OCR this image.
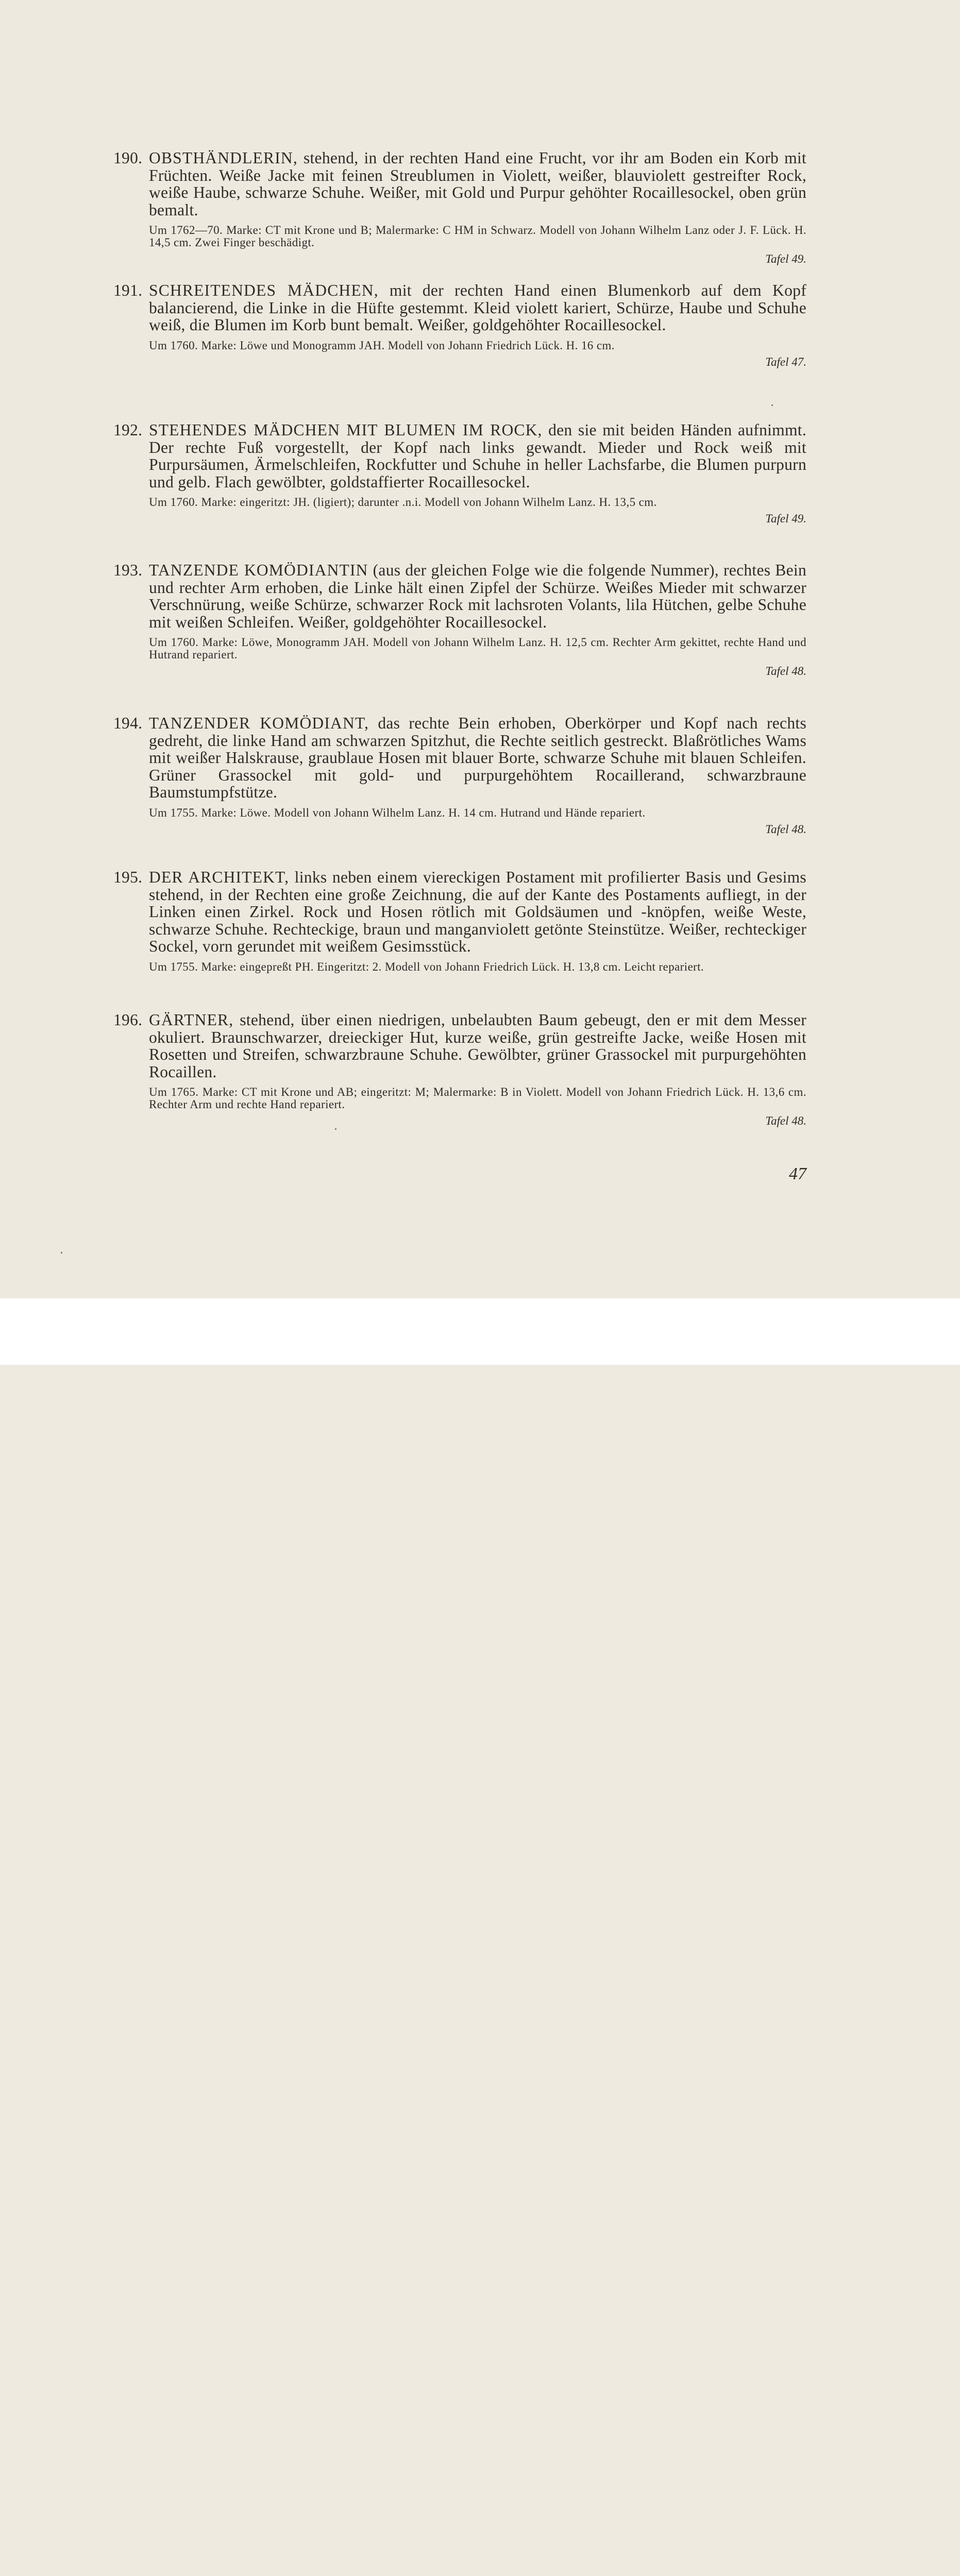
190. OBSTHÄNDLERIN, stehend, in der rechten Hand eine Frucht, vor ihr am Boden ein Korb mit Früchten. Weiße Jacke mit feinen Streublumen in Violett, weißer, blauviolett gestreifter Rock, weiße Haube, schwarze Schuhe. Weißer, mit Gold und Purpur gehöhter Rocaillesockel, oben grün bemalt.
Um 1762—70. Marke: CT mit Krone und B; Malermarke: C HM in Schwarz. Modell von Johann Wilhelm Lanz oder J. F. Lück. H. 14,5 cm. Zwei Finger beschädigt.
Tafel 49.
191. SCHREITENDES MÄDCHEN, mit der rechten Hand einen Blumenkorb auf dem Kopf balancierend, die Linke in die Hüfte gestemmt. Kleid violett kariert, Schürze, Haube und Schuhe weiß, die Blumen im Korb bunt bemalt. Weißer, goldgehöhter Rocaillesockel.
Um 1760. Marke: Löwe und Monogramm JAH. Modell von Johann Friedrich Lück. H. 16 cm.
Tafel 47.
192. STEHENDES MÄDCHEN MIT BLUMEN IM ROCK, den sie mit beiden Händen aufnimmt. Der rechte Fuß vorgestellt, der Kopf nach links gewandt. Mieder und Rock weiß mit Purpursäumen, Ärmelschleifen, Rockfutter und Schuhe in heller Lachsfarbe, die Blumen purpurn und gelb. Flach gewölbter, goldstaffierter Rocaillesockel.
Um 1760. Marke: eingeritzt: JH. (ligiert); darunter .n.i. Modell von Johann Wilhelm Lanz. H. 13,5 cm.
Tafel 49.
193. TANZENDE KOMÖDIANTIN (aus der gleichen Folge wie die folgende Nummer), rechtes Bein und rechter Arm erhoben, die Linke hält einen Zipfel der Schürze. Weißes Mieder mit schwarzer Verschnürung, weiße Schürze, schwarzer Rock mit lachsroten Volants, lila Hütchen, gelbe Schuhe mit weißen Schleifen. Weißer, goldgehöhter Rocaillesockel.
Um 1760. Marke: Löwe, Monogramm JAH. Modell von Johann Wilhelm Lanz. H. 12,5 cm. Rechter Arm gekittet, rechte Hand und Hutrand repariert.
Tafel 48.
194. TANZENDER KOMÖDIANT, das rechte Bein erhoben, Oberkörper und Kopf nach rechts gedreht, die linke Hand am schwarzen Spitzhut, die Rechte seitlich gestreckt. Blaßrötliches Wams mit weißer Halskrause, graublaue Hosen mit blauer Borte, schwarze Schuhe mit blauen Schleifen. Grüner Grassockel mit gold- und purpurgehöhtem Rocaillerand, schwarzbraune Baumstumpfstütze.
Um 1755. Marke: Löwe. Modell von Johann Wilhelm Lanz. H. 14 cm. Hutrand und Hände repariert.
Tafel 48.
195. DER ARCHITEKT, links neben einem viereckigen Postament mit profilierter Basis und Gesims stehend, in der Rechten eine große Zeichnung, die auf der Kante des Postaments aufliegt, in der Linken einen Zirkel. Rock und Hosen rötlich mit Goldsäumen und -knöpfen, weiße Weste, schwarze Schuhe. Rechteckige, braun und manganviolett getönte Steinstütze. Weißer, rechteckiger Sockel, vorn gerundet mit weißem Gesimsstück.
Um 1755. Marke: eingepreßt PH. Eingeritzt: 2. Modell von Johann Friedrich Lück. H. 13,8 cm. Leicht repariert.
196. GÄRTNER, stehend, über einen niedrigen, unbelaubten Baum gebeugt, den er mit dem Messer okuliert. Braunschwarzer, dreieckiger Hut, kurze weiße, grün gestreifte Jacke, weiße Hosen mit Rosetten und Streifen, schwarzbraune Schuhe. Gewölbter, grüner Grassockel mit purpurgehöhten Rocaillen.
Um 1765. Marke: CT mit Krone und AB; eingeritzt: M; Malermarke: B in Violett. Modell von Johann Friedrich Lück. H. 13,6 cm. Rechter Arm und rechte Hand repariert.
Tafel 48.
47
